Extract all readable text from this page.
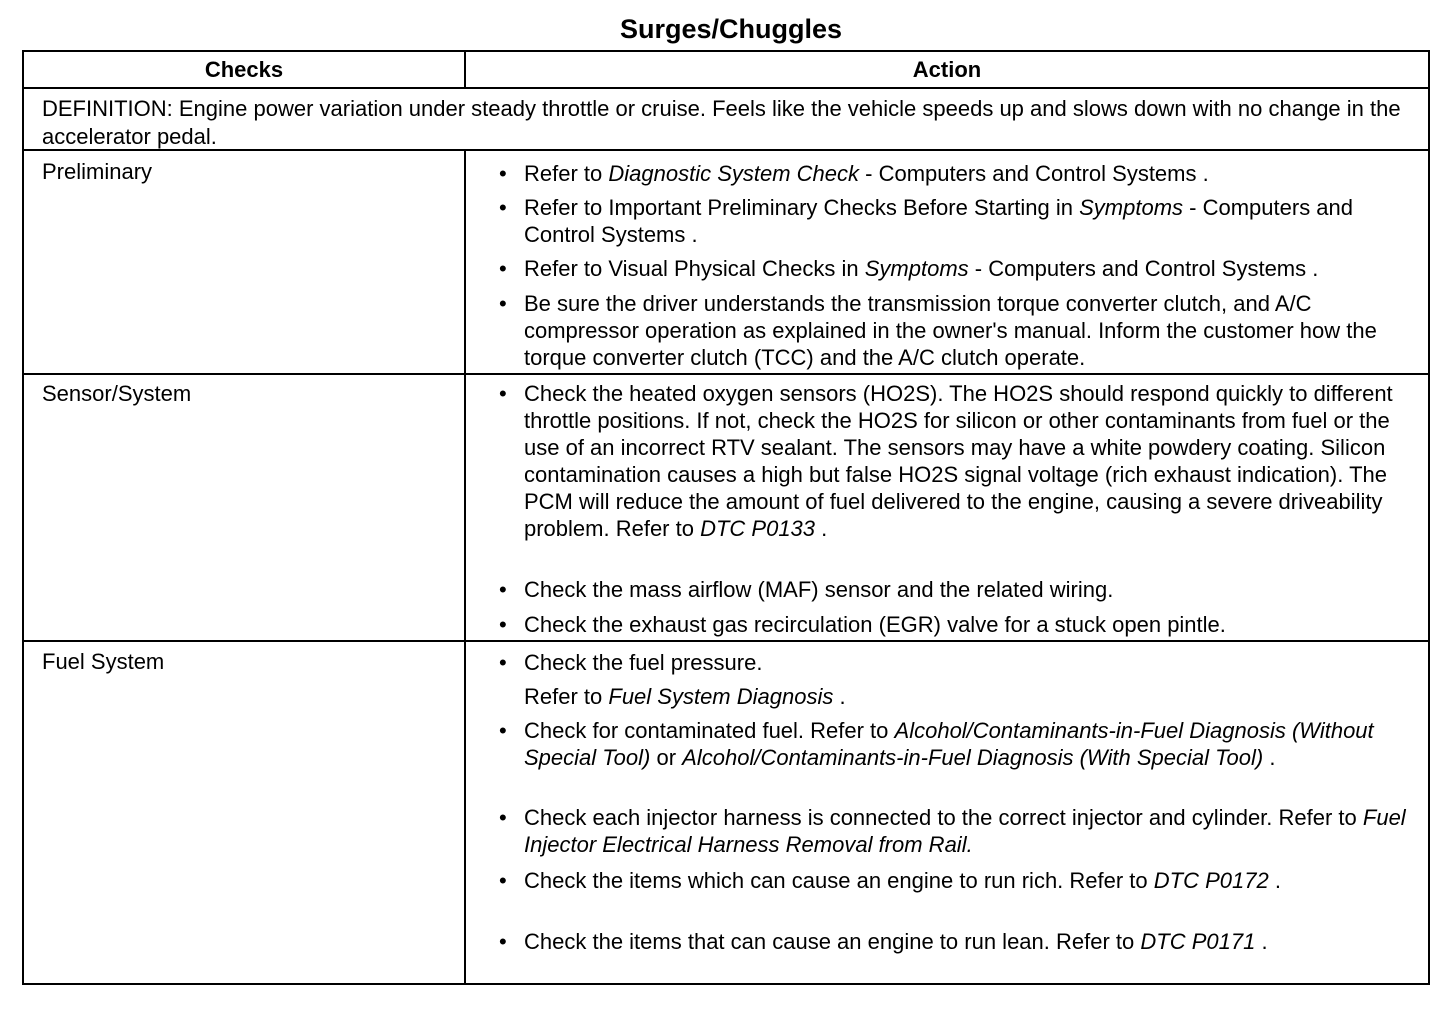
Surges/Chuggles
Checks	Action
DEFINITION: Engine power variation under steady throttle or cruise. Feels like the vehicle speeds up and slows down with no change in the accelerator pedal.
Preliminary	• Refer to Diagnostic System Check - Computers and Control Systems .
• Refer to Important Preliminary Checks Before Starting in Symptoms - Computers and Control Systems .
• Refer to Visual Physical Checks in Symptoms - Computers and Control Systems .
• Be sure the driver understands the transmission torque converter clutch, and A/C compressor operation as explained in the owner's manual. Inform the customer how the torque converter clutch (TCC) and the A/C clutch operate.
Sensor/System	• Check the heated oxygen sensors (HO2S). The HO2S should respond quickly to different throttle positions. If not, check the HO2S for silicon or other contaminants from fuel or the use of an incorrect RTV sealant. The sensors may have a white powdery coating. Silicon contamination causes a high but false HO2S signal voltage (rich exhaust indication). The PCM will reduce the amount of fuel delivered to the engine, causing a severe driveability problem. Refer to DTC P0133 .
• Check the mass airflow (MAF) sensor and the related wiring.
• Check the exhaust gas recirculation (EGR) valve for a stuck open pintle.
Fuel System	• Check the fuel pressure.
Refer to Fuel System Diagnosis .
• Check for contaminated fuel. Refer to Alcohol/Contaminants-in-Fuel Diagnosis (Without Special Tool) or Alcohol/Contaminants-in-Fuel Diagnosis (With Special Tool) .
• Check each injector harness is connected to the correct injector and cylinder. Refer to Fuel Injector Electrical Harness Removal from Rail.
• Check the items which can cause an engine to run rich. Refer to DTC P0172 .
• Check the items that can cause an engine to run lean. Refer to DTC P0171 .
